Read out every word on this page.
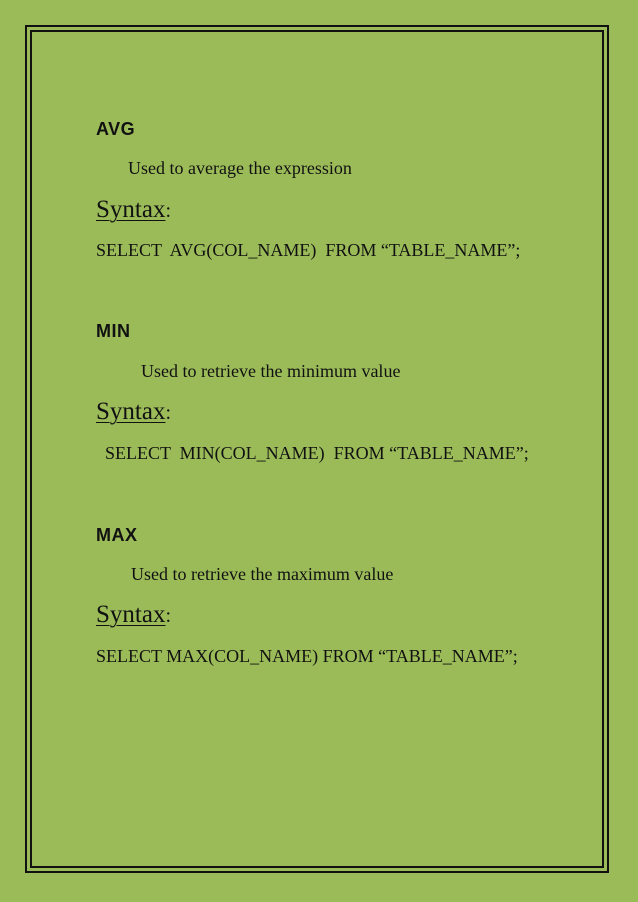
AVG
Used to average the expression
Syntax:
SELECT  AVG(COL_NAME)  FROM “TABLE_NAME”;
MIN
Used to retrieve the minimum value
Syntax:
SELECT  MIN(COL_NAME)  FROM “TABLE_NAME”;
MAX
Used to retrieve the maximum value
Syntax:
SELECT MAX(COL_NAME) FROM “TABLE_NAME”;
